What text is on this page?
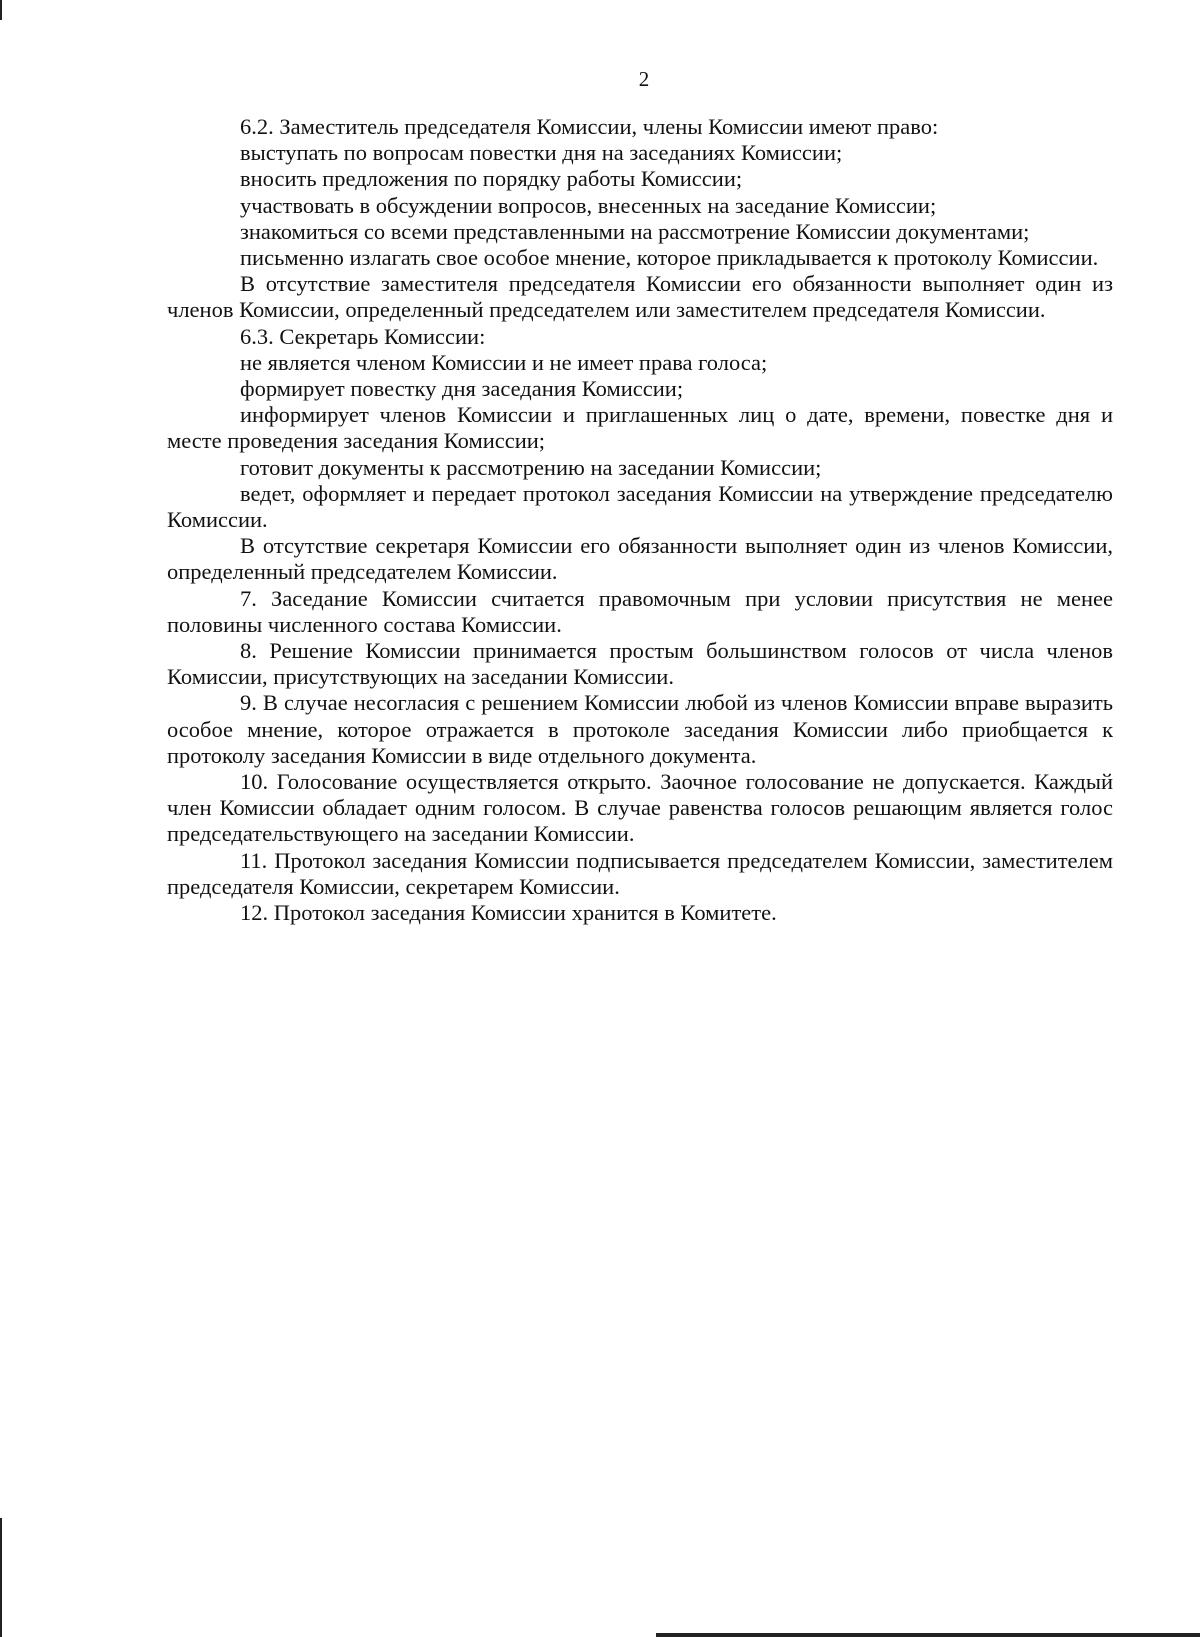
2

6.2. Заместитель председателя Комиссии, члены Комиссии имеют право:

выступать по вопросам повестки дня на заседаниях Комиссии;

вносить предложения по порядку работы Комиссии;

участвовать в обсуждении вопросов, внесенных на заседание Комиссии;

знакомиться со всеми представленными на рассмотрение Комиссии документами;

письменно излагать свое особое мнение, которое прикладывается к протоколу Комиссии.

В отсутствие заместителя председателя Комиссии его обязанности выполняет один из членов Комиссии, определенный председателем или заместителем председателя Комиссии.

6.3. Секретарь Комиссии:

не является членом Комиссии и не имеет права голоса;

формирует повестку дня заседания Комиссии;

информирует членов Комиссии и приглашенных лиц о дате, времени, повестке дня и месте проведения заседания Комиссии;

готовит документы к рассмотрению на заседании Комиссии;

ведет, оформляет и передает протокол заседания Комиссии на утверждение председателю Комиссии.

В отсутствие секретаря Комиссии его обязанности выполняет один из членов Комиссии, определенный председателем Комиссии.

7. Заседание Комиссии считается правомочным при условии присутствия не менее половины численного состава Комиссии.

8. Решение Комиссии принимается простым большинством голосов от числа членов Комиссии, присутствующих на заседании Комиссии.

9. В случае несогласия с решением Комиссии любой из членов Комиссии вправе выразить особое мнение, которое отражается в протоколе заседания Комиссии либо приобщается к протоколу заседания Комиссии в виде отдельного документа.

10. Голосование осуществляется открыто. Заочное голосование не допускается. Каждый член Комиссии обладает одним голосом. В случае равенства голосов решающим является голос председательствующего на заседании Комиссии.

11. Протокол заседания Комиссии подписывается председателем Комиссии, заместителем председателя Комиссии, секретарем Комиссии.

12. Протокол заседания Комиссии хранится в Комитете.
